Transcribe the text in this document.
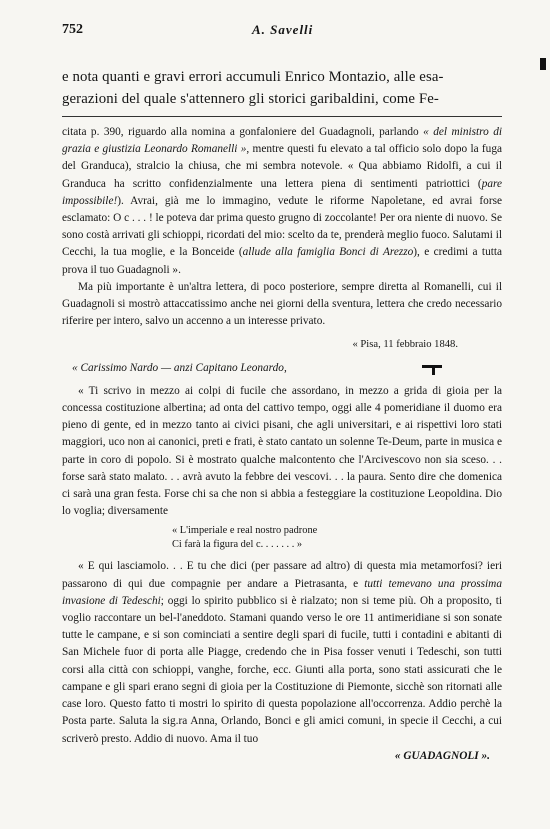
752	A. Savelli

e nota quanti e gravi errori accumuli Enrico Montazio, alle esa-

gerazioni del quale s'attennero gli storici garibaldini, come Fe-

citata p. 390, riguardo alla nomina a gonfaloniere del Guadagnoli, parlando « del ministro di grazia e giustizia Leonardo Romanelli », mentre questi fu elevato a tal officio solo dopo la fuga del Granduca), stralcio la chiusa, che mi sembra notevole. « Qua abbiamo Ridolfi, a cui il Granduca ha scritto confidenzialmente una lettera piena di sentimenti patriottici (pare impossibile!). Avrai, già me lo immagino, vedute le riforme Napoletane, ed avrai forse esclamato: O c . . . ! le poteva dar prima questo grugno di zoccolante! Per ora niente di nuovo. Se sono costà arrivati gli schioppi, ricordati del mio: scelto da te, prenderà meglio fuoco. Salutami il Cecchi, la tua moglie, e la Bonceide (allude alla famiglia Bonci di Arezzo), e credimi a tutta prova il tuo Guadagnoli ».

Ma più importante è un'altra lettera, di poco posteriore, sempre diretta al Romanelli, cui il Guadagnoli si mostrò attaccatissimo anche nei giorni della sventura, lettera che credo necessario riferire per intero, salvo un accenno a un interesse privato.

« Pisa, 11 febbraio 1848.

« Carissimo Nardo — anzi Capitano Leonardo,

« Ti scrivo in mezzo ai colpi di fucile che assordano, in mezzo a grida di gioia per la concessa costituzione albertina; ad onta del cattivo tempo, oggi alle 4 pomeridiane il duomo era pieno di gente, ed in mezzo tanto ai civici pisani, che agli universitari, e ai rispettivi loro stati maggiori, uco non ai canonici, preti e frati, è stato cantato un solenne Te-Deum, parte in musica e parte in coro di popolo. Si è mostrato qualche malcontento che l'Arcivescovo non sia sceso. . . forse sarà stato malato. . . avrà avuto la febbre dei vescovi. . . la paura. Sento dire che domenica ci sarà una gran festa. Forse chi sa che non si abbia a festeggiare la costituzione Leopoldina. Dio lo voglia; diversamente

« L'imperiale e real nostro padrone
Ci farà la figura del c. . . . . . . »

« E qui lasciamolo. . . E tu che dici (per passare ad altro) di questa mia metamorfosi? ieri passarono di qui due compagnie per andare a Pietrasanta, e tutti temevano una prossima invasione di Tedeschi; oggi lo spirito pubblico si è rialzato; non si teme più. Oh a proposito, ti voglio raccontare un bel-l'aneddoto. Stamani quando verso le ore 11 antimeridiane si son sonate tutte le campane, e si son cominciati a sentire degli spari di fucile, tutti i contadini e abitanti di San Michele fuor di porta alle Piagge, credendo che in Pisa fosser venuti i Tedeschi, son tutti corsi alla città con schioppi, vanghe, forche, ecc. Giunti alla porta, sono stati assicurati che le campane e gli spari erano segni di gioia per la Costituzione di Piemonte, sicchè son ritornati alle case loro. Questo fatto ti mostri lo spirito di questa popolazione all'occorrenza. Addio perchè la Posta parte. Saluta la sig.ra Anna, Orlando, Bonci e gli amici comuni, in specie il Cecchi, a cui scriverò presto. Addio di nuovo. Ama il tuo

« GUADAGNOLI ».
